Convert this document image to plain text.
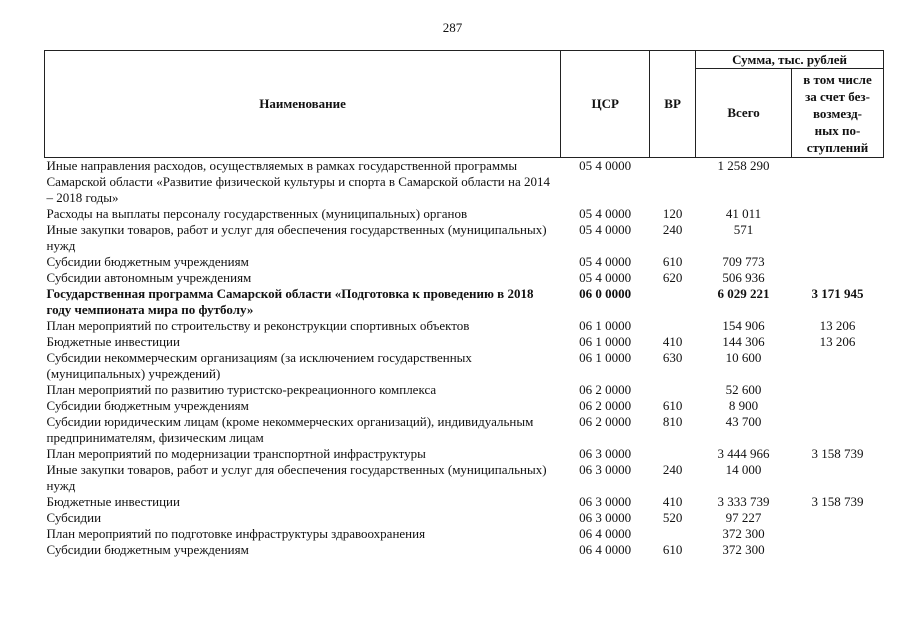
287
Наименование	ЦСР	ВР	Сумма, тыс. рублей	
			Всего	в том числе
за счет без-
возмезд-
ных по-
ступлений

Иные направления расходов, осуществляемых в рамках государственной программы Самарской области «Развитие физической культуры и спорта в Самарской области на 2014 – 2018 годы»	05 4 0000		1 258 290	
Расходы на выплаты персоналу государственных (муниципальных) органов	05 4 0000	120	41 011	
Иные закупки товаров, работ и услуг для обеспечения государственных (муниципальных) нужд	05 4 0000	240	571	
Субсидии бюджетным учреждениям	05 4 0000	610	709 773	
Субсидии автономным учреждениям	05 4 0000	620	506 936	
Государственная программа Самарской области «Подготовка к проведению в 2018 году чемпионата мира по футболу»	06 0 0000		6 029 221	3 171 945
План мероприятий по строительству и реконструкции спортивных объектов	06 1 0000		154 906	13 206
Бюджетные инвестиции	06 1 0000	410	144 306	13 206
Субсидии некоммерческим организациям (за исключением государственных (муниципальных) учреждений)	06 1 0000	630	10 600	
План мероприятий по развитию туристско-рекреационного комплекса	06 2 0000		52 600	
Субсидии бюджетным учреждениям	06 2 0000	610	8 900	
Субсидии юридическим лицам (кроме некоммерческих организаций), индивидуальным предпринимателям, физическим лицам	06 2 0000	810	43 700	
План мероприятий по модернизации транспортной инфраструктуры	06 3 0000		3 444 966	3 158 739
Иные закупки товаров, работ и услуг для обеспечения государственных (муниципальных) нужд	06 3 0000	240	14 000	
Бюджетные инвестиции	06 3 0000	410	3 333 739	3 158 739
Субсидии	06 3 0000	520	97 227	
План мероприятий по подготовке инфраструктуры здравоохранения	06 4 0000		372 300	
Субсидии бюджетным учреждениям	06 4 0000	610	372 300	
